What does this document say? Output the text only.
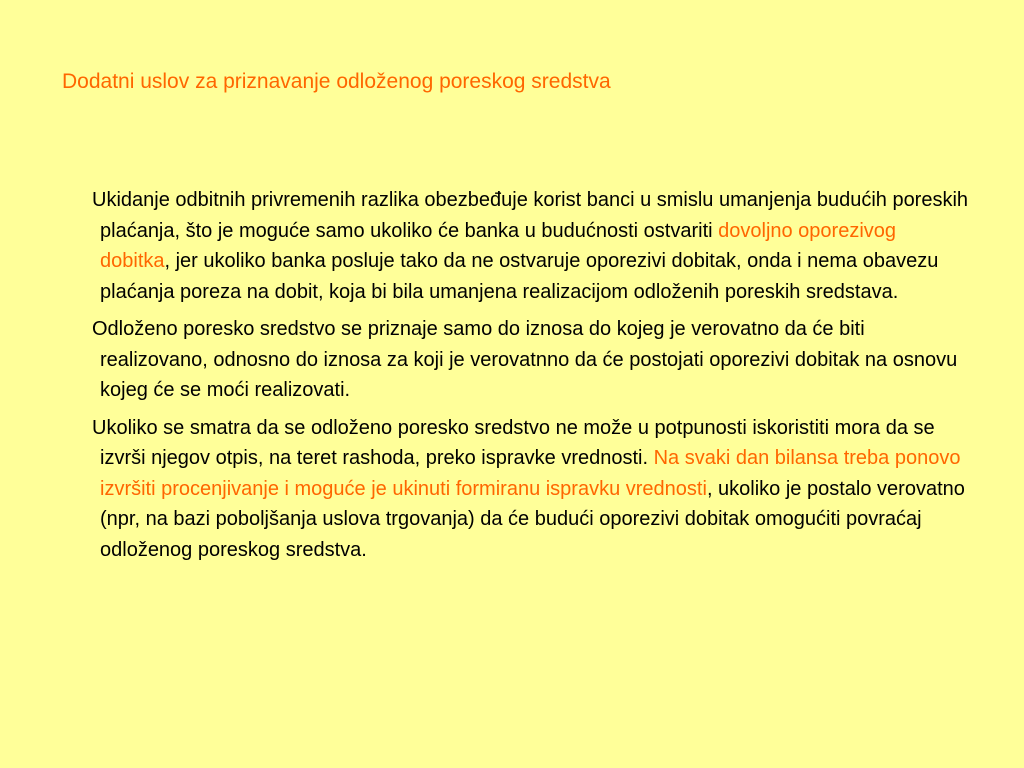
Dodatni uslov za priznavanje odloženog poreskog sredstva

Ukidanje odbitnih privremenih razlika obezbeđuje korist banci u smislu umanjenja budućih poreskih plaćanja, što je moguće samo ukoliko će banka u budućnosti ostvariti dovoljno oporezivog dobitka, jer ukoliko banka posluje tako da ne ostvaruje oporezivi dobitak, onda i nema obavezu plaćanja poreza na dobit, koja bi bila umanjena realizacijom odloženih poreskih sredstava.

Odloženo poresko sredstvo se priznaje samo do iznosa do kojeg je verovatno da će biti realizovano, odnosno do iznosa za koji je verovatnno da će postojati oporezivi dobitak na osnovu kojeg će se moći realizovati.

Ukoliko se smatra da se odloženo poresko sredstvo ne može u potpunosti iskoristiti mora da se izvrši njegov otpis, na teret rashoda, preko ispravke vrednosti. Na svaki dan bilansa treba ponovo izvršiti procenjivanje i moguće je ukinuti formiranu ispravku vrednosti, ukoliko je postalo verovatno (npr, na bazi poboljšanja uslova trgovanja) da će budući oporezivi dobitak omogućiti povraćaj odloženog poreskog sredstva.
